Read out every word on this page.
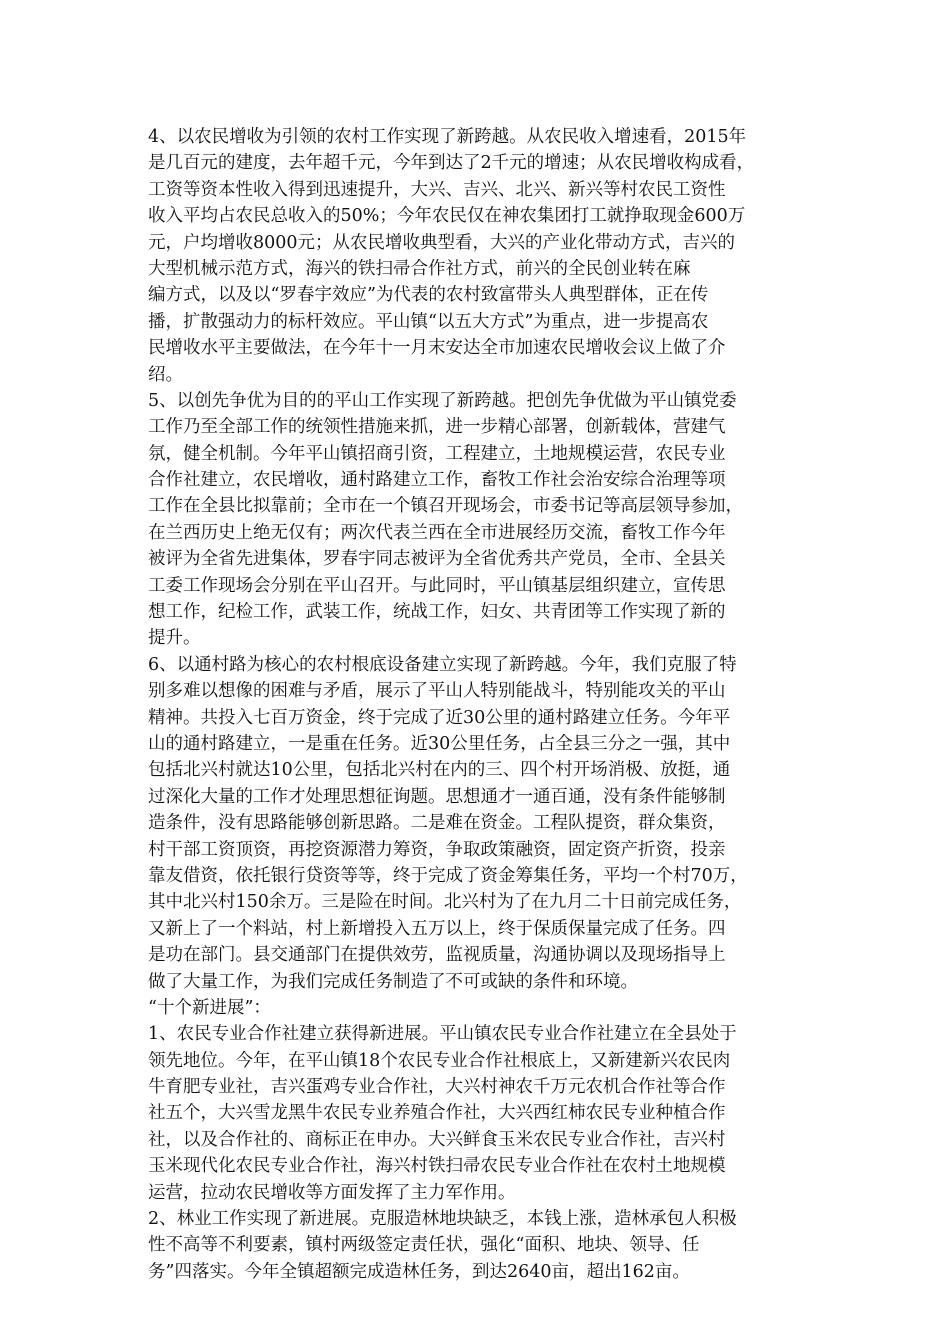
4、以农民增收为引领的农村工作实现了新跨越。从农民收入增速看，2015年
是几百元的建度，去年超千元，今年到达了2千元的增速；从农民增收构成看，
工资等资本性收入得到迅速提升，大兴、吉兴、北兴、新兴等村农民工资性
收入平均占农民总收入的50%；今年农民仅在神农集团打工就挣取现金600万
元，户均增收8000元；从农民增收典型看，大兴的产业化带动方式，吉兴的
大型机械示范方式，海兴的铁扫帚合作社方式，前兴的全民创业转在麻
编方式，以及以“罗春宇效应”为代表的农村致富带头人典型群体，正在传
播，扩散强动力的标杆效应。平山镇“以五大方式”为重点，进一步提高农
民增收水平主要做法，在今年十一月末安达全市加速农民增收会议上做了介
绍。
5、以创先争优为目的的平山工作实现了新跨越。把创先争优做为平山镇党委
工作乃至全部工作的统领性措施来抓，进一步精心部署，创新载体，营建气
氛，健全机制。今年平山镇招商引资，工程建立，土地规模运营，农民专业
合作社建立，农民增收，通村路建立工作，畜牧工作社会治安综合治理等项
工作在全县比拟靠前；全市在一个镇召开现场会，市委书记等高层领导参加，
在兰西历史上绝无仅有；两次代表兰西在全市进展经历交流，畜牧工作今年
被评为全省先进集体，罗春宇同志被评为全省优秀共产党员，全市、全县关
工委工作现场会分别在平山召开。与此同时，平山镇基层组织建立，宣传思
想工作，纪检工作，武装工作，统战工作，妇女、共青团等工作实现了新的
提升。
6、以通村路为核心的农村根底设备建立实现了新跨越。今年，我们克服了特
别多难以想像的困难与矛盾，展示了平山人特别能战斗，特别能攻关的平山
精神。共投入七百万资金，终于完成了近30公里的通村路建立任务。今年平
山的通村路建立，一是重在任务。近30公里任务，占全县三分之一强，其中
包括北兴村就达10公里，包括北兴村在内的三、四个村开场消极、放挺，通
过深化大量的工作才处理思想征询题。思想通才一通百通，没有条件能够制
造条件，没有思路能够创新思路。二是难在资金。工程队提资，群众集资，
村干部工资顶资，再挖资源潜力筹资，争取政策融资，固定资产折资，投亲
靠友借资，依托银行贷资等等，终于完成了资金筹集任务，平均一个村70万，
其中北兴村150余万。三是险在时间。北兴村为了在九月二十日前完成任务，
又新上了一个料站，村上新增投入五万以上，终于保质保量完成了任务。四
是功在部门。县交通部门在提供效劳，监视质量，沟通协调以及现场指导上
做了大量工作，为我们完成任务制造了不可或缺的条件和环境。
“十个新进展”：
1、农民专业合作社建立获得新进展。平山镇农民专业合作社建立在全县处于
领先地位。今年，在平山镇18个农民专业合作社根底上，又新建新兴农民肉
牛育肥专业社，吉兴蛋鸡专业合作社，大兴村神农千万元农机合作社等合作
社五个，大兴雪龙黑牛农民专业养殖合作社，大兴西红柿农民专业种植合作
社，以及合作社的、商标正在申办。大兴鲜食玉米农民专业合作社，吉兴村
玉米现代化农民专业合作社，海兴村铁扫帚农民专业合作社在农村土地规模
运营，拉动农民增收等方面发挥了主力军作用。
2、林业工作实现了新进展。克服造林地块缺乏，本钱上涨，造林承包人积极
性不高等不利要素，镇村两级签定责任状，强化“面积、地块、领导、任
务”四落实。今年全镇超额完成造林任务，到达2640亩，超出162亩。
